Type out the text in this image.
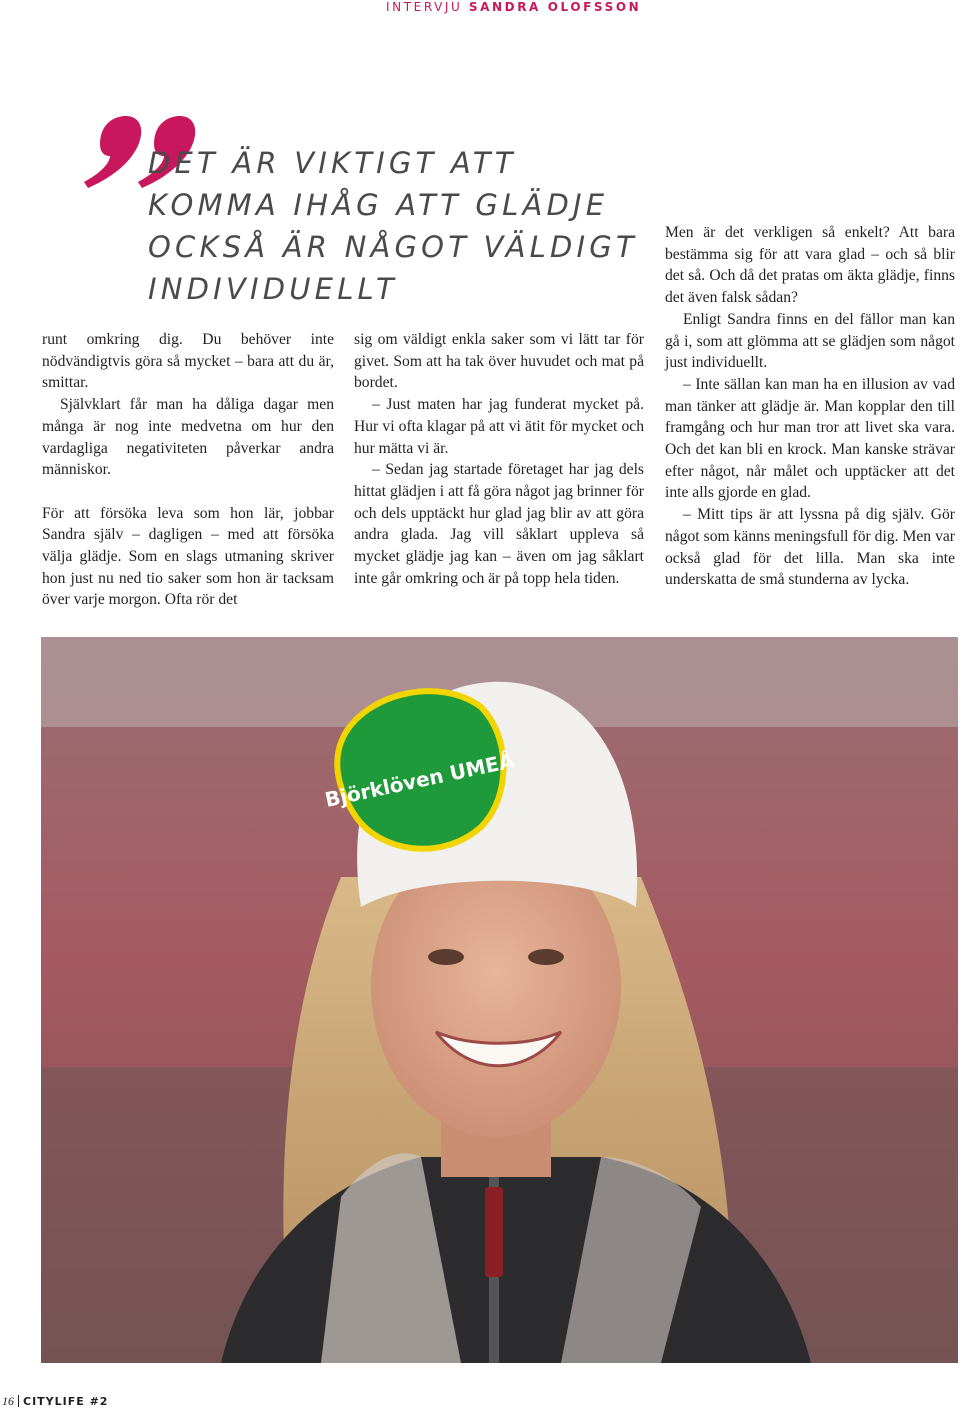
INTERVJU SANDRA OLOFSSON
DET ÄR VIKTIGT ATT
KOMMA IHÅG ATT GLÄDJE
OCKSÅ ÄR NÅGOT VÄLDIGT
INDIVIDUELLT

runt omkring dig. Du behöver inte nödvändigtvis göra så mycket – bara att du är, smittar.

Självklart får man ha dåliga dagar men många är nog inte medvetna om hur den vardagliga negativiteten påverkar andra människor.

För att försöka leva som hon lär, jobbar Sandra själv – dagligen – med att försöka välja glädje. Som en slags utmaning skriver hon just nu ned tio saker som hon är tacksam över varje morgon. Ofta rör det

sig om väldigt enkla saker som vi lätt tar för givet. Som att ha tak över huvudet och mat på bordet.

– Just maten har jag funderat mycket på. Hur vi ofta klagar på att vi ätit för mycket och hur mätta vi är.

– Sedan jag startade företaget har jag dels hittat glädjen i att få göra något jag brinner för och dels upptäckt hur glad jag blir av att göra andra glada. Jag vill såklart uppleva så mycket glädje jag kan – även om jag såklart inte går omkring och är på topp hela tiden.

Men är det verkligen så enkelt? Att bara bestämma sig för att vara glad – och så blir det så. Och då det pratas om äkta glädje, finns det även falsk sådan?

Enligt Sandra finns en del fällor man kan gå i, som att glömma att se glädjen som något just individuellt.

– Inte sällan kan man ha en illusion av vad man tänker att glädje är. Man kopplar den till framgång och hur man tror att livet ska vara. Och det kan bli en krock. Man kanske strävar efter något, når målet och upptäcker att det inte alls gjorde en glad.

– Mitt tips är att lyssna på dig själv. Gör något som känns meningsfull för dig. Men var också glad för det lilla. Man ska inte underskatta de små stunderna av lycka.

Björklöven UMEÅ
16 CITYLIFE #2
